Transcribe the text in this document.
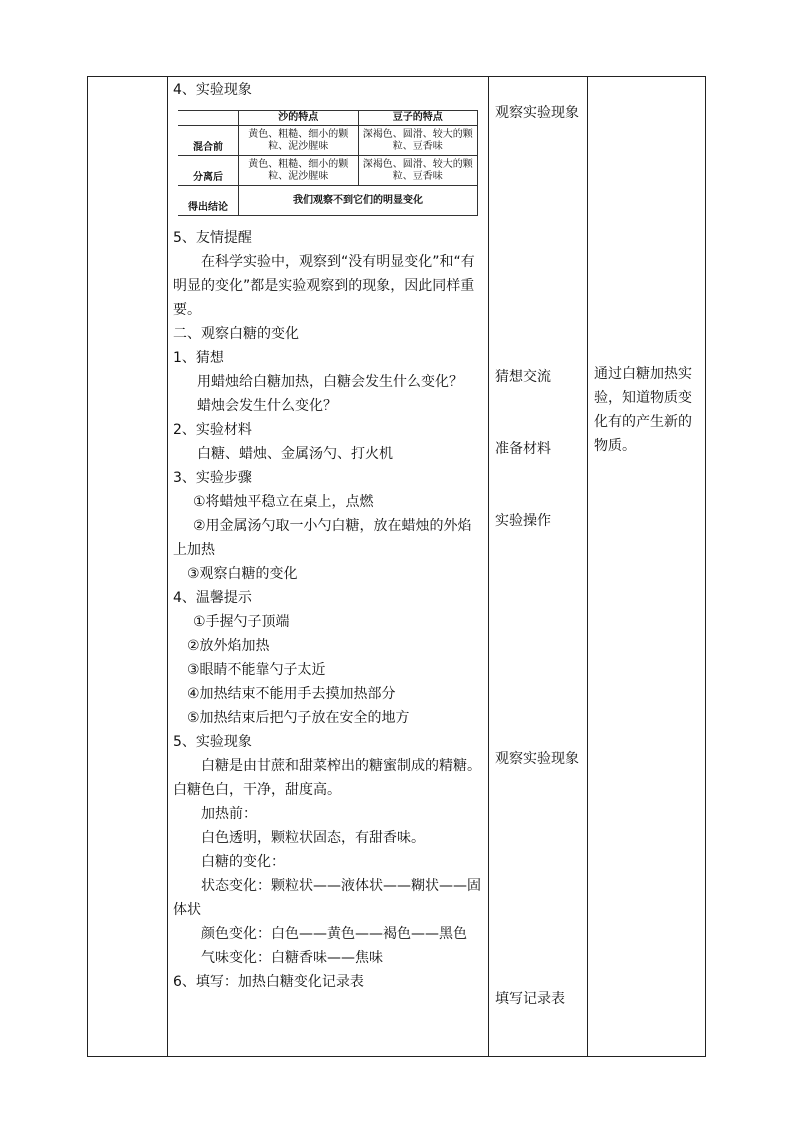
4、实验现象
	沙的特点	豆子的特点
混合前	黄色、粗糙、细小的颗粒、泥沙腥味	深褐色、圆滑、较大的颗粒、豆香味
分离后	黄色、粗糙、细小的颗粒、泥沙腥味	深褐色、圆滑、较大的颗粒、豆香味
得出结论	我们观察不到它们的明显变化	
5、友情提醒
在科学实验中，观察到“没有明显变化”和“有明显的变化”都是实验观察到的现象，因此同样重要。
二、观察白糖的变化
1、猜想
用蜡烛给白糖加热，白糖会发生什么变化？
蜡烛会发生什么变化？
2、实验材料
白糖、蜡烛、金属汤勺、打火机
3、实验步骤
①将蜡烛平稳立在桌上，点燃
②用金属汤勺取一小勺白糖，放在蜡烛的外焰上加热
③观察白糖的变化
4、温馨提示
①手握勺子顶端
②放外焰加热
③眼睛不能靠勺子太近
④加热结束不能用手去摸加热部分
⑤加热结束后把勺子放在安全的地方
5、实验现象
白糖是由甘蔗和甜菜榨出的糖蜜制成的精糖。白糖色白，干净，甜度高。
加热前：
白色透明，颗粒状固态，有甜香味。
白糖的变化：
状态变化：颗粒状——液体状——糊状——固体状
颜色变化：白色——黄色——褐色——黑色
气味变化：白糖香味——焦味
6、填写：加热白糖变化记录表
观察实验现象
猜想交流
准备材料
实验操作
观察实验现象
填写记录表
通过白糖加热实验，知道物质变化有的产生新的物质。
